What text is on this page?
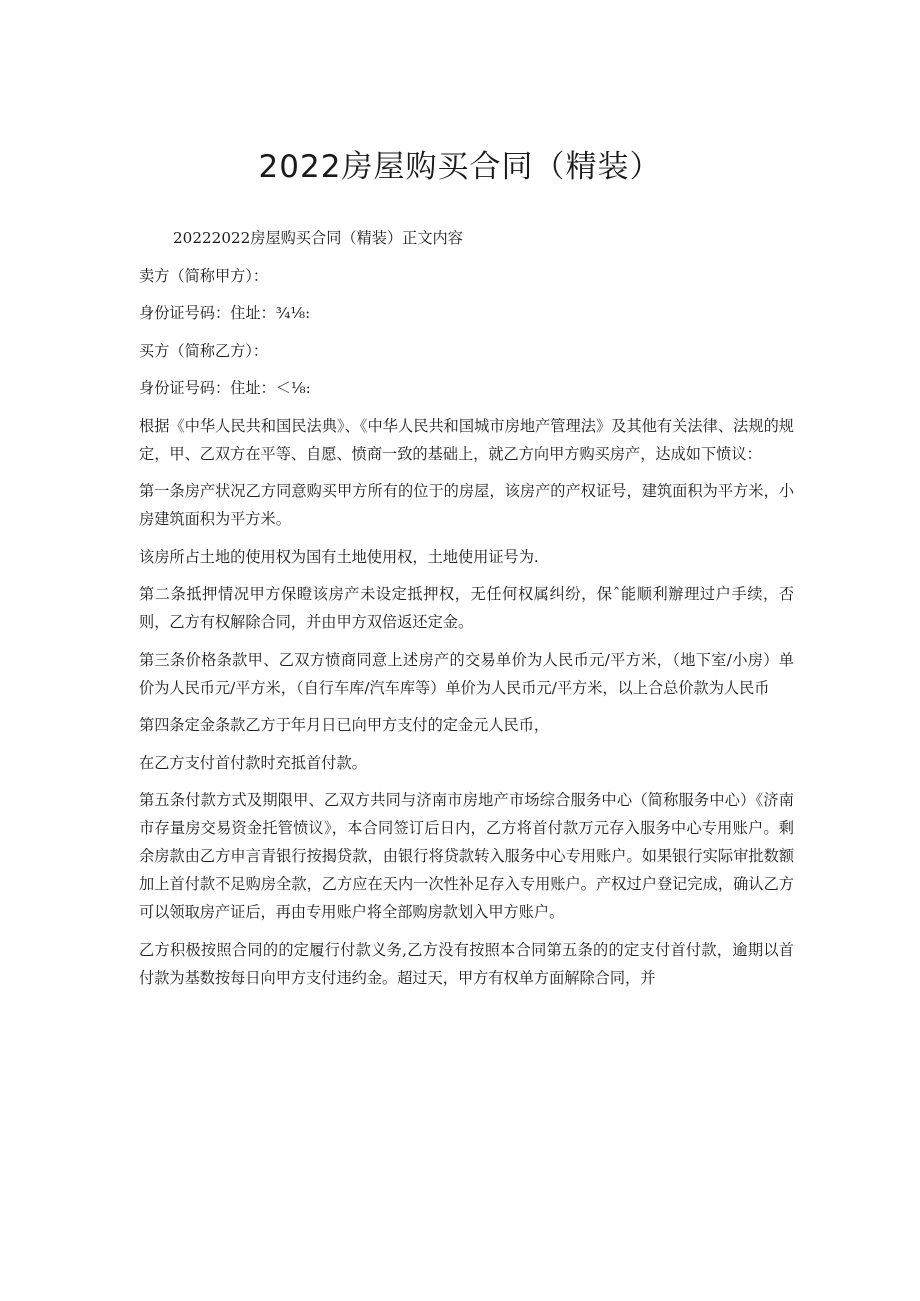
2022房屋购买合同（精装）

20222022房屋购买合同（精装）正文内容

卖方（简称甲方）：

身份证号码：住址：¾⅛:

买方（简称乙方）：

身份证号码：住址：＜⅛:

根据《中华人民共和国民法典》、《中华人民共和国城市房地产管理法》及其他有关法律、法规的规定，甲、乙双方在平等、自愿、愤商一致的基础上，就乙方向甲方购买房产，达成如下愤议：

第一条房产状况乙方同意购买甲方所有的位于的房屋，该房产的产权证号，建筑面积为平方米，小房建筑面积为平方米。

该房所占土地的使用权为国有土地使用权，土地使用证号为.

第二条抵押情况甲方保瞪该房产未设定抵押权，无任何权属纠纷，保ˆ能顺利辦理过户手续，否则，乙方有权解除合同，并由甲方双倍返还定金。

第三条价格条款甲、乙双方愤商同意上述房产的交易单价为人民币元/平方米，（地下室/小房）单价为人民币元/平方米，（自行车库/汽车库等）单价为人民币元/平方米，以上合总价款为人民币

第四条定金条款乙方于年月日已向甲方支付的定金元人民币，

在乙方支付首付款时充抵首付款。

第五条付款方式及期限甲、乙双方共同与济南市房地产市场综合服务中心（简称服务中心）《济南市存量房交易资金托管愤议》，本合同签订后日内，乙方将首付款万元存入服务中心专用账户。剩余房款由乙方申言青银行按揭贷款，由银行将贷款转入服务中心专用账户。如果银行实际审批数额加上首付款不足购房全款，乙方应在天内一次性补足存入专用账户。产权过户登记完成，确认乙方可以领取房产证后，再由专用账户将全部购房款划入甲方账户。

乙方积极按照合同的的定履行付款义务,乙方没有按照本合同第五条的的定支付首付款，逾期以首付款为基数按每日向甲方支付违约金。超过天，甲方有权单方面解除合同，并
